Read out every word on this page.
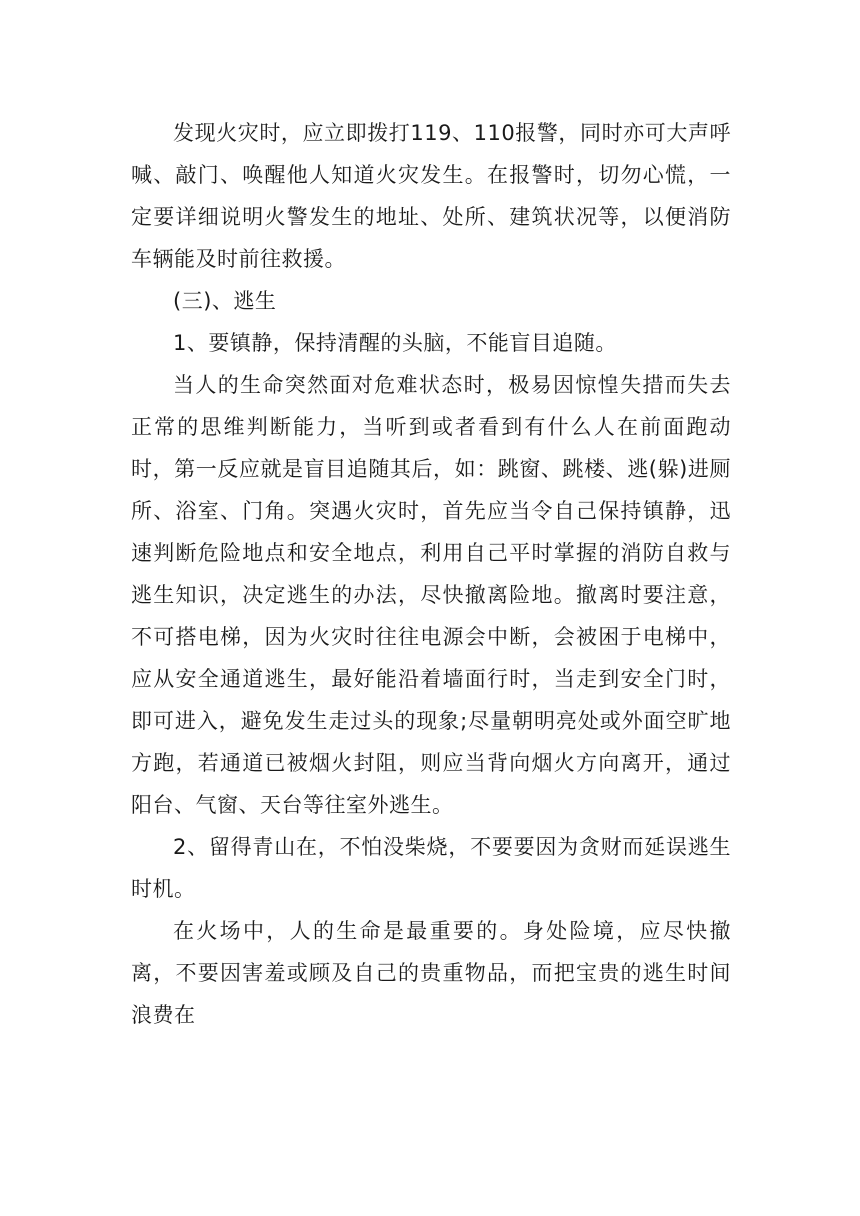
发现火灾时，应立即拨打119、110报警，同时亦可大声呼喊、敲门、唤醒他人知道火灾发生。在报警时，切勿心慌，一定要详细说明火警发生的地址、处所、建筑状况等，以便消防车辆能及时前往救援。

(三)、逃生

1、要镇静，保持清醒的头脑，不能盲目追随。

当人的生命突然面对危难状态时，极易因惊惶失措而失去正常的思维判断能力，当听到或者看到有什么人在前面跑动时，第一反应就是盲目追随其后，如：跳窗、跳楼、逃(躲)进厕所、浴室、门角。突遇火灾时，首先应当令自己保持镇静，迅速判断危险地点和安全地点，利用自己平时掌握的消防自救与逃生知识，决定逃生的办法，尽快撤离险地。撤离时要注意，不可搭电梯，因为火灾时往往电源会中断，会被困于电梯中，应从安全通道逃生，最好能沿着墙面行时，当走到安全门时，即可进入，避免发生走过头的现象;尽量朝明亮处或外面空旷地方跑，若通道已被烟火封阻，则应当背向烟火方向离开，通过阳台、气窗、天台等往室外逃生。

2、留得青山在，不怕没柴烧，不要要因为贪财而延误逃生时机。

在火场中，人的生命是最重要的。身处险境，应尽快撤离，不要因害羞或顾及自己的贵重物品，而把宝贵的逃生时间浪费在
